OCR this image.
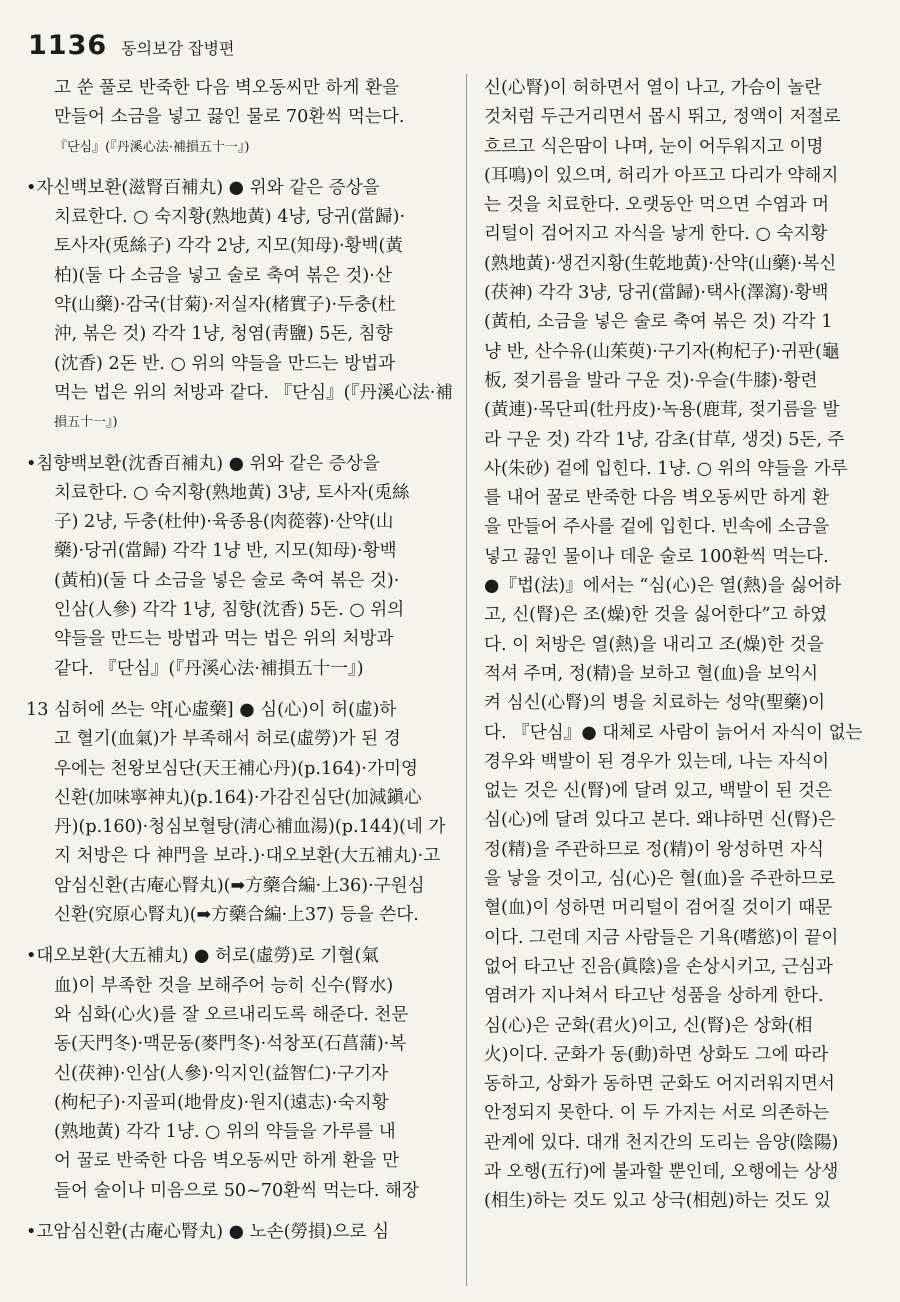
1136 동의보감 잡병편
고 쑨 풀로 반죽한 다음 벽오동씨만 하게 환을
만들어 소금을 넣고 끓인 물로 70환씩 먹는다.
『단심』(『丹溪心法·補損五十一』)
•자신백보환(滋腎百補丸) ● 위와 같은 증상을
치료한다. ○ 숙지황(熟地黃) 4냥, 당귀(當歸)·
토사자(兎絲子) 각각 2냥, 지모(知母)·황백(黃
柏)(둘 다 소금을 넣고 술로 축여 볶은 것)·산
약(山藥)·감국(甘菊)·저실자(楮實子)·두충(杜
沖, 볶은 것) 각각 1냥, 청염(靑鹽) 5돈, 침향
(沈香) 2돈 반. ○ 위의 약들을 만드는 방법과
먹는 법은 위의 처방과 같다. 『단심』(『丹溪心法·補
損五十一』)
•침향백보환(沈香百補丸) ● 위와 같은 증상을
치료한다. ○ 숙지황(熟地黃) 3냥, 토사자(兎絲
子) 2냥, 두충(杜仲)·육종용(肉蓯蓉)·산약(山
藥)·당귀(當歸) 각각 1냥 반, 지모(知母)·황백
(黃柏)(둘 다 소금을 넣은 술로 축여 볶은 것)·
인삼(人參) 각각 1냥, 침향(沈香) 5돈. ○ 위의
약들을 만드는 방법과 먹는 법은 위의 처방과
같다. 『단심』(『丹溪心法·補損五十一』)
13 심허에 쓰는 약[心虛藥] ● 심(心)이 허(虛)하
고 혈기(血氣)가 부족해서 허로(虛勞)가 된 경
우에는 천왕보심단(天王補心丹)(p.164)·가미영
신환(加味寧神丸)(p.164)·가감진심단(加減鎭心
丹)(p.160)·청심보혈탕(淸心補血湯)(p.144)(네 가
지 처방은 다 神門을 보라.)·대오보환(大五補丸)·고
암심신환(古庵心腎丸)(➡方藥合編·上36)·구원심
신환(究原心腎丸)(➡方藥合編·上37) 등을 쓴다.
•대오보환(大五補丸) ● 허로(虛勞)로 기혈(氣
血)이 부족한 것을 보해주어 능히 신수(腎水)
와 심화(心火)를 잘 오르내리도록 해준다. 천문
동(天門冬)·맥문동(麥門冬)·석창포(石菖蒲)·복
신(茯神)·인삼(人參)·익지인(益智仁)·구기자
(枸杞子)·지골피(地骨皮)·원지(遠志)·숙지황
(熟地黃) 각각 1냥. ○ 위의 약들을 가루를 내
어 꿀로 반죽한 다음 벽오동씨만 하게 환을 만
들어 술이나 미음으로 50~70환씩 먹는다. 해장
•고암심신환(古庵心腎丸) ● 노손(勞損)으로 심
신(心腎)이 허하면서 열이 나고, 가슴이 놀란
것처럼 두근거리면서 몹시 뛰고, 정액이 저절로
흐르고 식은땀이 나며, 눈이 어두워지고 이명
(耳鳴)이 있으며, 허리가 아프고 다리가 약해지
는 것을 치료한다. 오랫동안 먹으면 수염과 머
리털이 검어지고 자식을 낳게 한다. ○ 숙지황
(熟地黃)·생건지황(生乾地黃)·산약(山藥)·복신
(茯神) 각각 3냥, 당귀(當歸)·택사(澤瀉)·황백
(黃柏, 소금을 넣은 술로 축여 볶은 것) 각각 1
냥 반, 산수유(山茱萸)·구기자(枸杞子)·귀판(龜
板, 젖기름을 발라 구운 것)·우슬(牛膝)·황련
(黃連)·목단피(牡丹皮)·녹용(鹿茸, 젖기름을 발
라 구운 것) 각각 1냥, 감초(甘草, 생것) 5돈, 주
사(朱砂) 겉에 입힌다. 1냥. ○ 위의 약들을 가루
를 내어 꿀로 반죽한 다음 벽오동씨만 하게 환
을 만들어 주사를 겉에 입힌다. 빈속에 소금을
넣고 끓인 물이나 데운 술로 100환씩 먹는다.
●『법(法)』에서는 “심(心)은 열(熱)을 싫어하
고, 신(腎)은 조(燥)한 것을 싫어한다”고 하였
다. 이 처방은 열(熱)을 내리고 조(燥)한 것을
적셔 주며, 정(精)을 보하고 혈(血)을 보익시
켜 심신(心腎)의 병을 치료하는 성약(聖藥)이
다. 『단심』● 대체로 사람이 늙어서 자식이 없는
경우와 백발이 된 경우가 있는데, 나는 자식이
없는 것은 신(腎)에 달려 있고, 백발이 된 것은
심(心)에 달려 있다고 본다. 왜냐하면 신(腎)은
정(精)을 주관하므로 정(精)이 왕성하면 자식
을 낳을 것이고, 심(心)은 혈(血)을 주관하므로
혈(血)이 성하면 머리털이 검어질 것이기 때문
이다. 그런데 지금 사람들은 기욕(嗜慾)이 끝이
없어 타고난 진음(眞陰)을 손상시키고, 근심과
염려가 지나쳐서 타고난 성품을 상하게 한다.
심(心)은 군화(君火)이고, 신(腎)은 상화(相
火)이다. 군화가 동(動)하면 상화도 그에 따라
동하고, 상화가 동하면 군화도 어지러워지면서
안정되지 못한다. 이 두 가지는 서로 의존하는
관계에 있다. 대개 천지간의 도리는 음양(陰陽)
과 오행(五行)에 불과할 뿐인데, 오행에는 상생
(相生)하는 것도 있고 상극(相剋)하는 것도 있
